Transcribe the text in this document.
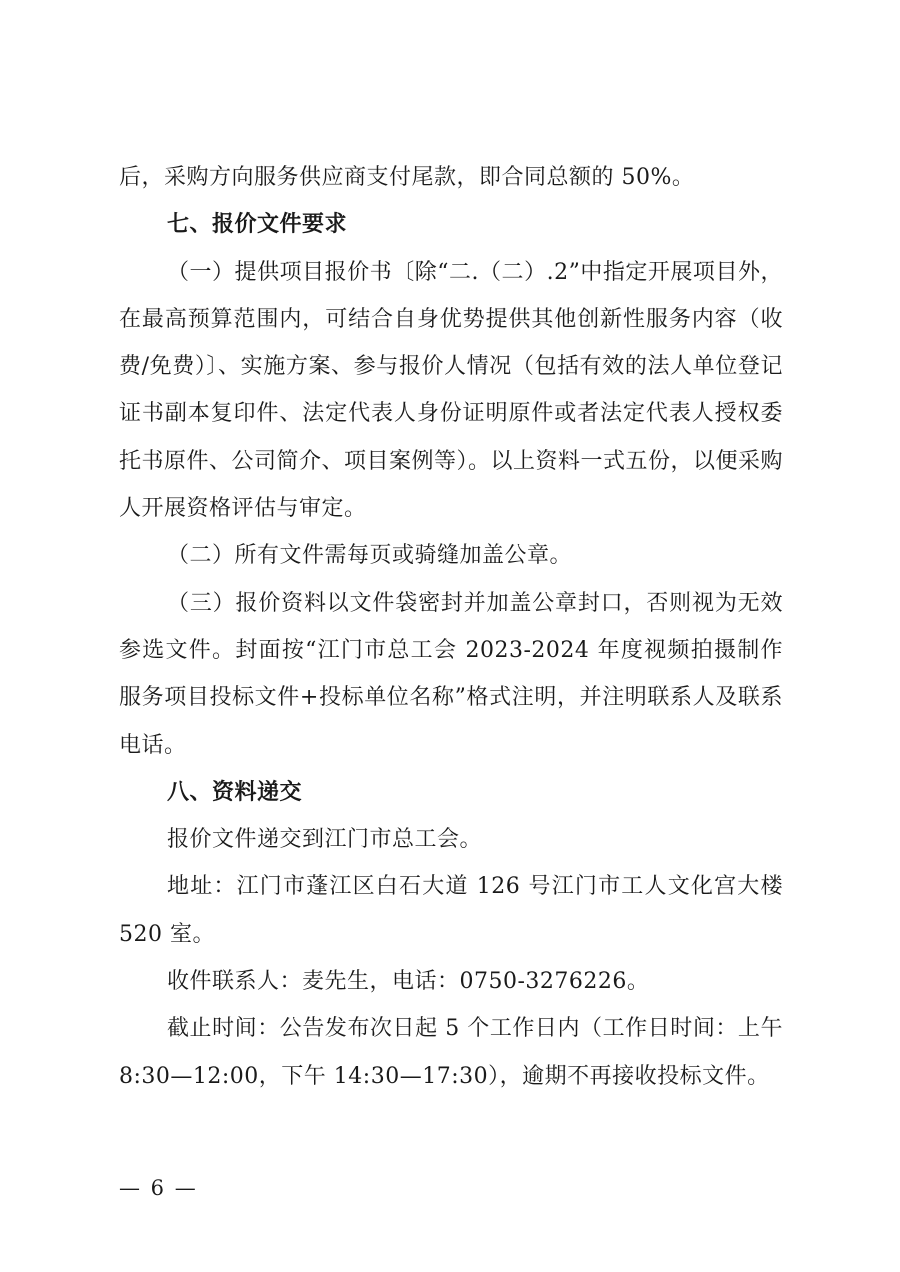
后，采购方向服务供应商支付尾款，即合同总额的 50%。

七、报价文件要求

（一）提供项目报价书〔除“二.（二）.2”中指定开展项目外，在最高预算范围内，可结合自身优势提供其他创新性服务内容（收费/免费）〕、实施方案、参与报价人情况（包括有效的法人单位登记证书副本复印件、法定代表人身份证明原件或者法定代表人授权委托书原件、公司简介、项目案例等）。以上资料一式五份，以便采购人开展资格评估与审定。

（二）所有文件需每页或骑缝加盖公章。

（三）报价资料以文件袋密封并加盖公章封口，否则视为无效参选文件。封面按“江门市总工会 2023-2024 年度视频拍摄制作服务项目投标文件+投标单位名称”格式注明，并注明联系人及联系电话。

八、资料递交

报价文件递交到江门市总工会。

地址：江门市蓬江区白石大道 126 号江门市工人文化宫大楼 520 室。

收件联系人：麦先生，电话：0750-3276226。

截止时间：公告发布次日起 5 个工作日内（工作日时间：上午 8:30—12:00，下午 14:30—17:30），逾期不再接收投标文件。

— 6 —
